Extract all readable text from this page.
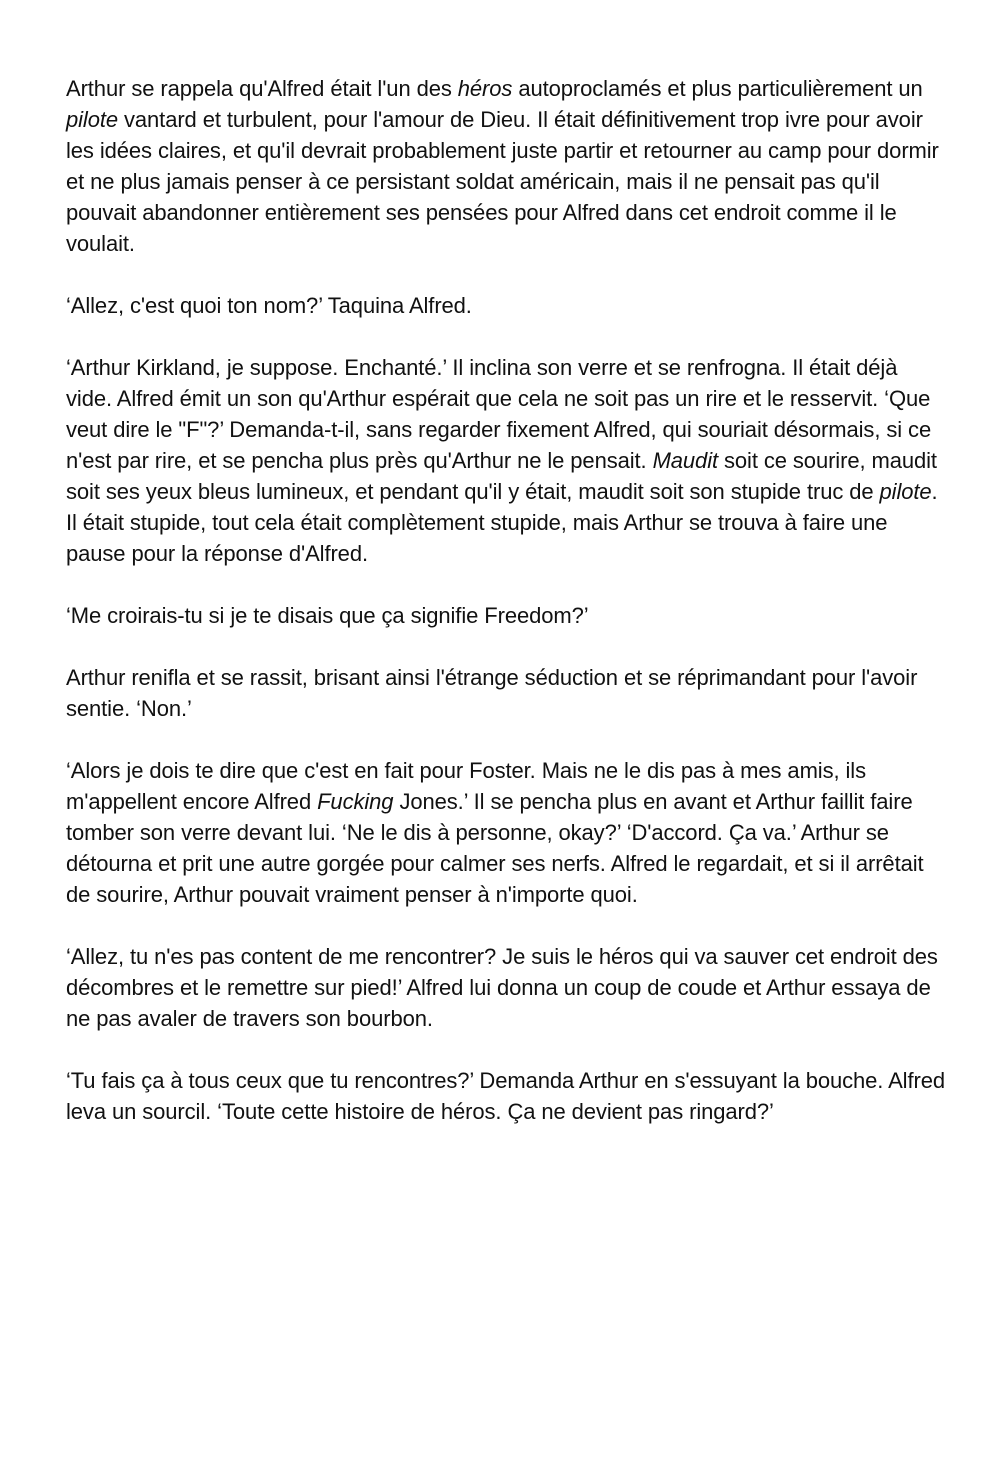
Arthur se rappela qu'Alfred était l'un des héros autoproclamés et plus particulièrement un pilote vantard et turbulent, pour l'amour de Dieu. Il était définitivement trop ivre pour avoir les idées claires, et qu'il devrait probablement juste partir et retourner au camp pour dormir et ne plus jamais penser à ce persistant soldat américain, mais il ne pensait pas qu'il pouvait abandonner entièrement ses pensées pour Alfred dans cet endroit comme il le voulait.

‘Allez, c'est quoi ton nom?’ Taquina Alfred.

‘Arthur Kirkland, je suppose. Enchanté.’ Il inclina son verre et se renfrogna. Il était déjà vide. Alfred émit un son qu'Arthur espérait que cela ne soit pas un rire et le resservit. ‘Que veut dire le "F"?’ Demanda-t-il, sans regarder fixement Alfred, qui souriait désormais, si ce n'est par rire, et se pencha plus près qu'Arthur ne le pensait. Maudit soit ce sourire, maudit soit ses yeux bleus lumineux, et pendant qu'il y était, maudit soit son stupide truc de pilote. Il était stupide, tout cela était complètement stupide, mais Arthur se trouva à faire une pause pour la réponse d'Alfred.

‘Me croirais-tu si je te disais que ça signifie Freedom?’

Arthur renifla et se rassit, brisant ainsi l'étrange séduction et se réprimandant pour l'avoir sentie. ‘Non.’

‘Alors je dois te dire que c'est en fait pour Foster. Mais ne le dis pas à mes amis, ils m'appellent encore Alfred Fucking Jones.’ Il se pencha plus en avant et Arthur faillit faire tomber son verre devant lui. ‘Ne le dis à personne, okay?’ ‘D'accord. Ça va.’ Arthur se détourna et prit une autre gorgée pour calmer ses nerfs. Alfred le regardait, et si il arrêtait de sourire, Arthur pouvait vraiment penser à n'importe quoi.

‘Allez, tu n'es pas content de me rencontrer? Je suis le héros qui va sauver cet endroit des décombres et le remettre sur pied!’ Alfred lui donna un coup de coude et Arthur essaya de ne pas avaler de travers son bourbon.

‘Tu fais ça à tous ceux que tu rencontres?’ Demanda Arthur en s'essuyant la bouche. Alfred leva un sourcil. ‘Toute cette histoire de héros. Ça ne devient pas ringard?’
